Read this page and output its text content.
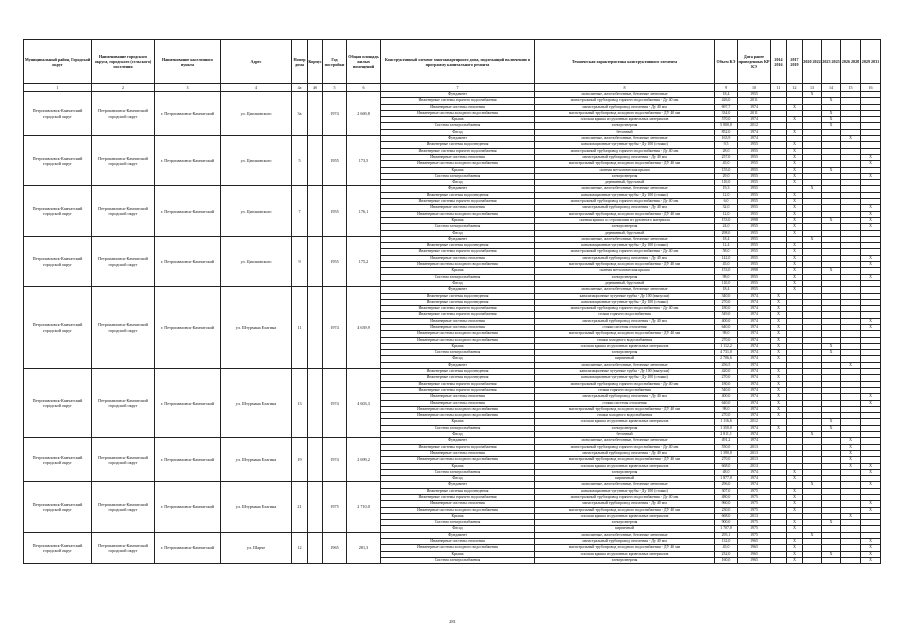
Муниципальный район, Городской округ	Наименование городского округа, городского (сельского) поселения	Наименование населенного пункта	Адрес	Номер дома	Корпус	Год постройки	Общая площадь жилых помещений	Конструктивный элемент многоквартирного дома, подлежащий включению в программу капитального ремонта	Техническая характеристика конструктивного элемента	Объем КЭ	Дата ранее проведенных КР КЭ	2014 2016	2017 2019	2020 2022	2023 2025	2026 2028	2029 2031
1	2	3	4	4а	4б	5	6	7	8	9	10	11	12	13	14	15	16
Петропавловск-Камчатский городской округ	Петропавловск-Камчатский городской округ	г. Петропавловск-Камчатский	ул. Циолковского	3а		1974	2 669,8	Фундамент	монолитные, железобетонные, бетонные ленточные	18,4	1955			X			
								Инженерные системы горячего водоснабжения	магистральный трубопровод горячего водоснабжения - Дy 40 мм	426,0	2011				X		
								Инженерные системы отопления	магистральный трубопровод отопления - Дy 40 мм	697,7	1974		X				
								Инженерные системы холодного водоснабжения	магистральный трубопровод холодного водоснабжения - ДУ 40 мм	334,0	2011				X		
								Крыша	плоская крыша из рулонных кровельных материалов	570,0	1974		X		X		
								Система электроснабжения	электроэнергия	5 800,0	2012				X		
								Фасад	бетонный	852,0	1974		X				
Петропавловск-Камчатский городской округ	Петропавловск-Камчатский городской округ	г. Петропавловск-Камчатский	ул. Циолковского	5		1955	173,5	Фундамент	монолитные, железобетонные, бетонные ленточные	163,9	1974					X	
								Инженерные системы водоотведения	канализационные чугунные трубы - Дy 100 (стояки)	9,5	1955		X				
								Инженерные системы горячего водоснабжения	магистральный трубопровод горячего водоснабжения - Дy 40 мм	28,0	1955		X				
								Инженерные системы отопления	магистральный трубопровод отопления - Дy 40 мм	257,0	1955		X				X
								Инженерные системы холодного водоснабжения	магистральный трубопровод холодного водоснабжения - ДУ 40 мм	45,0	1955		X				X
								Крыша	скатная металлическая крыша	155,0	1955		X		X		
								Система электроснабжения	электроэнергия	29,0	1955		X				X
								Фасад	деревянный, брусчатый	110,0	1955		X				
Петропавловск-Камчатский городской округ	Петропавловск-Камчатский городской округ	г. Петропавловск-Камчатский	ул. Циолковского	7		1955	176,1	Фундамент	монолитные, железобетонные, бетонные ленточные	19,3	1955			X			
								Инженерные системы водоотведения	канализационные чугунные трубы - Дy 100 (стояки)	12,0	1955		X				
								Инженерные системы горячего водоснабжения	магистральный трубопровод горячего водоснабжения - Дy 40 мм	6,0	1955		X				
								Инженерные системы отопления	магистральный трубопровод отопления - Дy 40 мм	32,0	1955		X				X
								Инженерные системы холодного водоснабжения	магистральный трубопровод холодного водоснабжения - ДУ 40 мм	12,0	1955		X				X
								Крыша	скатная крыша со стропилами из рулонного материала	153,0	1998		X		X		X
								Система электроснабжения	электроэнергия	24,0	1955		X				X
								Фасад	деревянный, брусчатый	298,0	1955		X				
Петропавловск-Камчатский городской округ	Петропавловск-Камчатский городской округ	г. Петропавловск-Камчатский	ул. Циолковского	9		1955	175,2	Фундамент	монолитные, железобетонные, бетонные ленточные	18,4	1955			X			
								Инженерные системы водоотведения	канализационные чугунные трубы - Дy 100 (стояки)	12,4	1955		X				
								Инженерные системы горячего водоснабжения	магистральный трубопровод горячего водоснабжения - Дy 40 мм	58,0	1955		X				
								Инженерные системы отопления	магистральный трубопровод отопления - Дy 40 мм	142,0	1955		X				X
								Инженерные системы холодного водоснабжения	магистральный трубопровод холодного водоснабжения - ДУ 40 мм	45,0	1955		X				X
								Крыша	скатная металлическая крыша	153,0	1998		X		X		
								Система электроснабжения	электроэнергия	98,0	1955		X				X
								Фасад	деревянный, брусчатый	110,0	1955		X				
Петропавловск-Камчатский городской округ	Петропавловск-Камчатский городской округ	г. Петропавловск-Камчатский	ул. Штурмана Елагина	11		1974	4 639,9	Фундамент	монолитные, железобетонные, бетонные ленточные	18,4	1955		X				
								Инженерные системы водоотведения	канализационные чугунные трубы - Дy 100 (выпуски)	340,0	1974	X					
								Инженерные системы водоотведения	канализационные чугунные трубы - Дy 100 (стояки)	270,0	1974	X					
								Инженерные системы горячего водоснабжения	магистральный трубопровод горячего водоснабжения - Дy 40 мм	180,0	1974	X					
								Инженерные системы горячего водоснабжения	стояки горячего водоснабжения	549,0	1974	X					
								Инженерные системы отопления	магистральный трубопровод отопления - Дy 40 мм	400,0	1974	X					X
								Инженерные системы отопления	стояки системы отопления	640,0	1974	X					X
								Инженерные системы холодного водоснабжения	магистральный трубопровод холодного водоснабжения - ДУ 40 мм	98,0	1974	X					
								Инженерные системы холодного водоснабжения	стояки холодного водоснабжения	270,0	1974	X					
								Крыша	плоская крыша из рулонных кровельных материалов	1 112,2	1974	X			X		
								Система электроснабжения	электроэнергия	4 731,0	1974	X			X		
								Фасад	кирпичный	2 706,6	1974	X					
								Фундамент	монолитные, железобетонные, бетонные ленточные	456,5	1974					X	
Петропавловск-Камчатский городской округ	Петропавловск-Камчатский городской округ	г. Петропавловск-Камчатский	ул. Штурмана Елагина	13		1974	4 603,3	Инженерные системы водоотведения	канализационные чугунные трубы - Дy 100 (выпуски)	420,0	1974	X					
								Инженерные системы водоотведения	канализационные чугунные трубы - Дy 100 (стояки)	270,0	1974	X					
								Инженерные системы горячего водоснабжения	магистральный трубопровод горячего водоснабжения - Дy 40 мм	180,0	1974	X					
								Инженерные системы горячего водоснабжения	стояки горячего водоснабжения	540,0	1974	X					
								Инженерные системы отопления	магистральный трубопровод отопления - Дy 40 мм	400,0	1974	X					X
								Инженерные системы отопления	стояки системы отопления	640,0	1974	X					X
								Инженерные системы холодного водоснабжения	магистральный трубопровод холодного водоснабжения - ДУ 40 мм	98,0	1974	X					
								Инженерные системы холодного водоснабжения	стояки холодного водоснабжения	270,0	1974	X					
								Крыша	плоская крыша из рулонных кровельных материалов	1 116,6	2012				X		
								Система электроснабжения	электроэнергия	1 350,0	1974	X			X		
								Фасад	бетонный	2 811,1	1974			X			
Петропавловск-Камчатский городской округ	Петропавловск-Камчатский городской округ	г. Петропавловск-Камчатский	ул. Штурмана Елагина	19		1974	2 699,2	Фундамент	монолитные, железобетонные, бетонные ленточные	491,2	1974					X	
								Инженерные системы горячего водоснабжения	магистральный трубопровод горячего водоснабжения - Дy 40 мм	550,0	2013					X	
								Инженерные системы отопления	магистральный трубопровод отопления - Дy 40 мм	1 390,0	2013					X	
								Инженерные системы холодного водоснабжения	магистральный трубопровод холодного водоснабжения - ДУ 40 мм	270,0	2013					X	
								Крыша	плоская крыша из рулонных кровельных материалов	668,0	2013					X	X
								Система электроснабжения	электроэнергия	48,0	1974		X				X
								Фасад	кирпичный	1 877,0	1974		X				
Петропавловск-Камчатский городской округ	Петропавловск-Камчатский городской округ	г. Петропавловск-Камчатский	ул. Штурмана Елагина	21		1975	2 710,0	Фундамент	монолитные, железобетонные, бетонные ленточные	296,0	1974			X			X
								Инженерные системы водоотведения	канализационные чугунные трубы - Дy 100 (стояки)	307,0	1975		X				
								Инженерные системы горячего водоснабжения	магистральный трубопровод горячего водоснабжения - Дy 40 мм	480,0	1975		X				
								Инженерные системы отопления	магистральный трубопровод отопления - Дy 40 мм	960,0	1975		X				X
								Инженерные системы холодного водоснабжения	магистральный трубопровод холодного водоснабжения - ДУ 40 мм	230,0	1975		X				X
								Крыша	плоская крыша из рулонных кровельных материалов	668,0	2013					X	
								Система электроснабжения	электроэнергия	900,0	1975		X		X		
								Фасад	кирпичный	1 707,0	1975		X				
Петропавловск-Камчатский городской округ	Петропавловск-Камчатский городской округ	г. Петропавловск-Камчатский	ул. Шарче	12		1965	281,3	Фундамент	монолитные, железобетонные, бетонные ленточные	295,1	1975			X			
								Инженерные системы отопления	магистральный трубопровод отопления - Дy 40 мм	132,0	1965		X				X
								Инженерные системы холодного водоснабжения	магистральный трубопровод холодного водоснабжения - ДУ 40 мм	45,0	1965		X				X
								Крыша	плоская крыша из рулонных кровельных материалов	232,0	1965		X		X		X
								Система электроснабжения	электроэнергия	160,0	1965		X				X
281
